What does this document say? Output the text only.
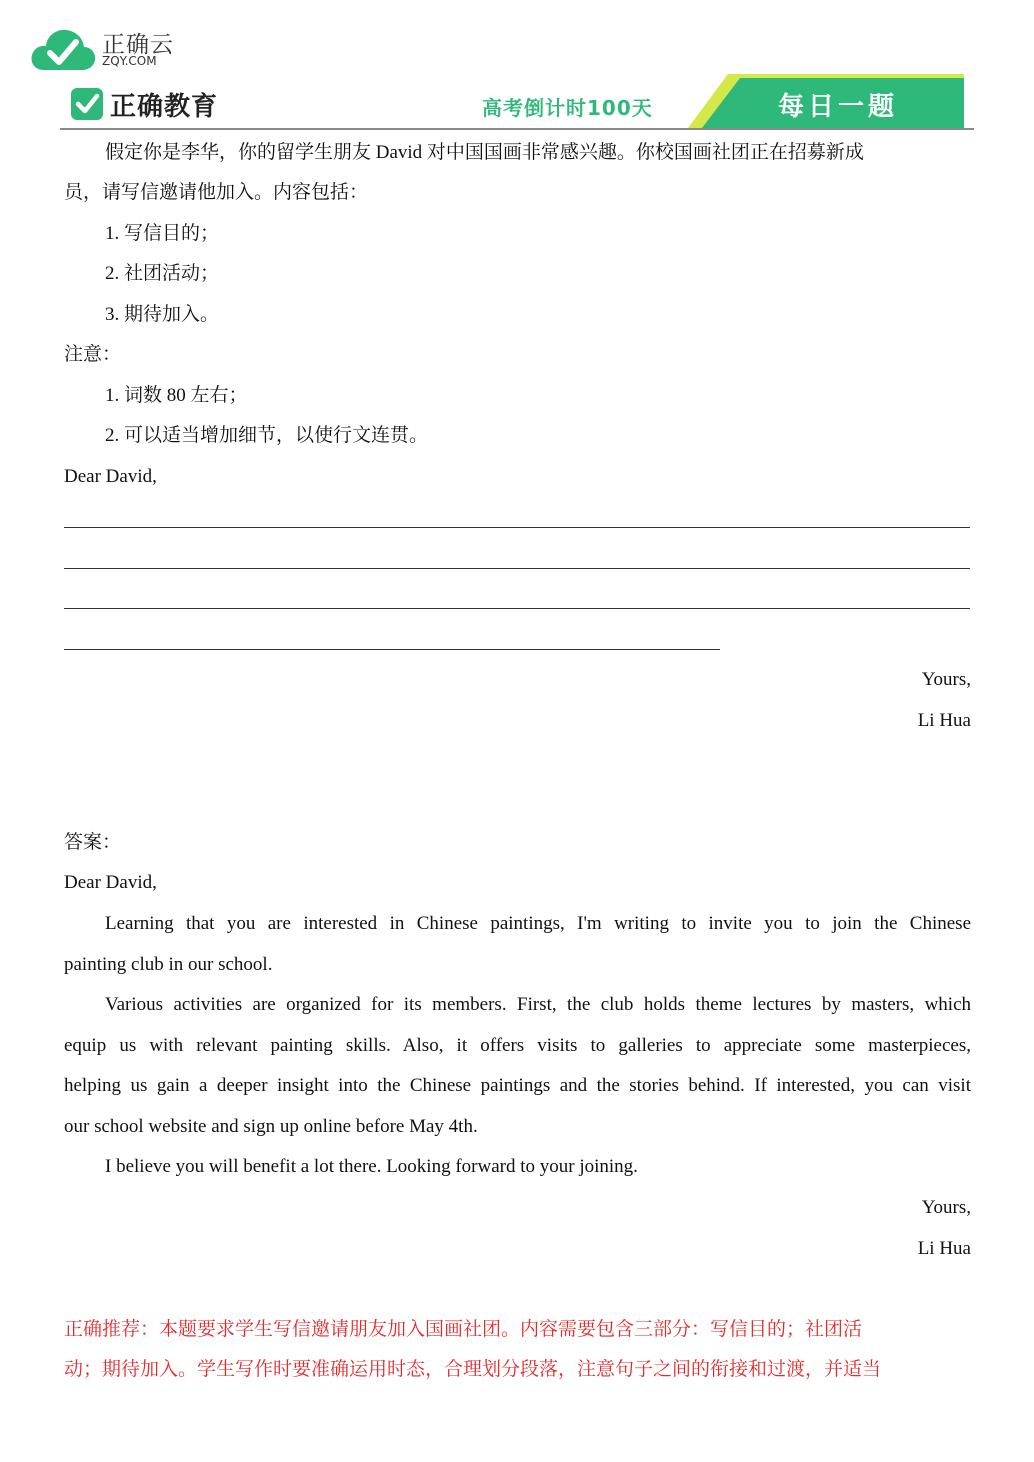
正确云
ZQY.COM
正确教育	高考倒计时100天	每日一题
假定你是李华，你的留学生朋友 David 对中国国画非常感兴趣。你校国画社团正在招募新成
员，请写信邀请他加入。内容包括：
1. 写信目的；
2. 社团活动；
3. 期待加入。
注意：
1. 词数 80 左右；
2. 可以适当增加细节，以使行文连贯。
Dear David,
Yours,
Li Hua
答案：
Dear David,
Learning that you are interested in Chinese paintings, I'm writing to invite you to join the Chinese
painting club in our school.
Various activities are organized for its members. First, the club holds theme lectures by masters, which
equip us with relevant painting skills. Also, it offers visits to galleries to appreciate some masterpieces,
helping us gain a deeper insight into the Chinese paintings and the stories behind. If interested, you can visit
our school website and sign up online before May 4th.
I believe you will benefit a lot there. Looking forward to your joining.
Yours,
Li Hua
正确推荐：本题要求学生写信邀请朋友加入国画社团。内容需要包含三部分：写信目的；社团活
动；期待加入。学生写作时要准确运用时态，合理划分段落，注意句子之间的衔接和过渡，并适当
